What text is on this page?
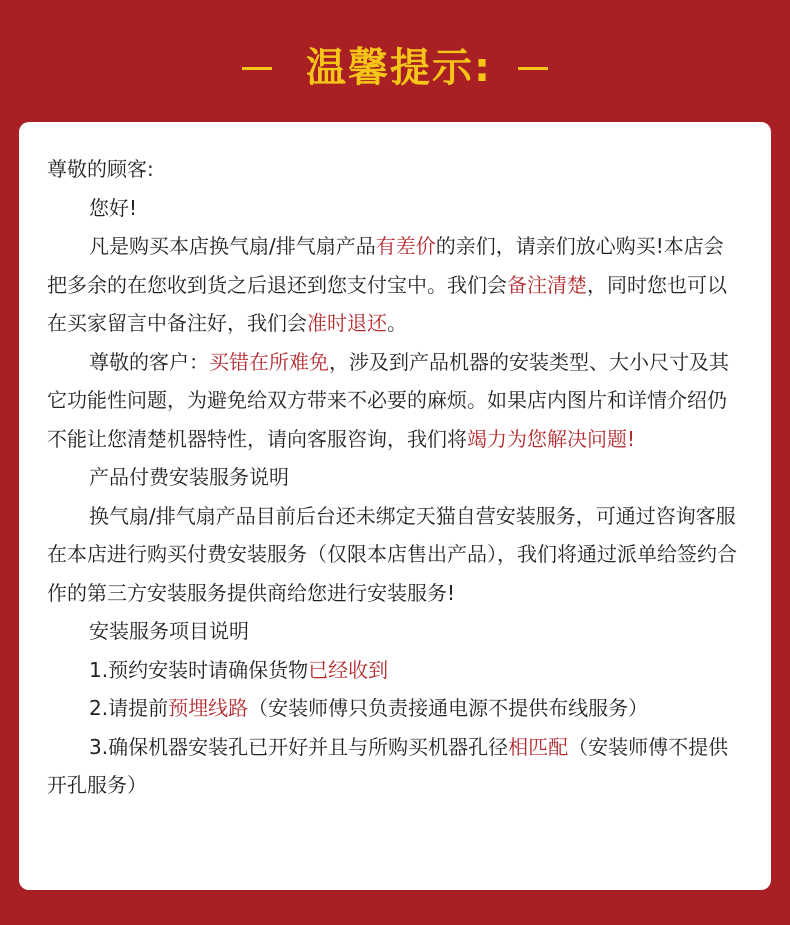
温馨提示:

尊敬的顾客:

您好!

凡是购买本店换气扇/排气扇产品有差价的亲们，请亲们放心购买!本店会把多余的在您收到货之后退还到您支付宝中。我们会备注清楚，同时您也可以在买家留言中备注好，我们会准时退还。

尊敬的客户：买错在所难免，涉及到产品机器的安装类型、大小尺寸及其它功能性问题，为避免给双方带来不必要的麻烦。如果店内图片和详情介绍仍不能让您清楚机器特性，请向客服咨询，我们将竭力为您解决问题!

产品付费安装服务说明

换气扇/排气扇产品目前后台还未绑定天猫自营安装服务，可通过咨询客服在本店进行购买付费安装服务（仅限本店售出产品），我们将通过派单给签约合作的第三方安装服务提供商给您进行安装服务!

安装服务项目说明

1.预约安装时请确保货物已经收到

2.请提前预埋线路（安装师傅只负责接通电源不提供布线服务）

3.确保机器安装孔已开好并且与所购买机器孔径相匹配（安装师傅不提供开孔服务）
